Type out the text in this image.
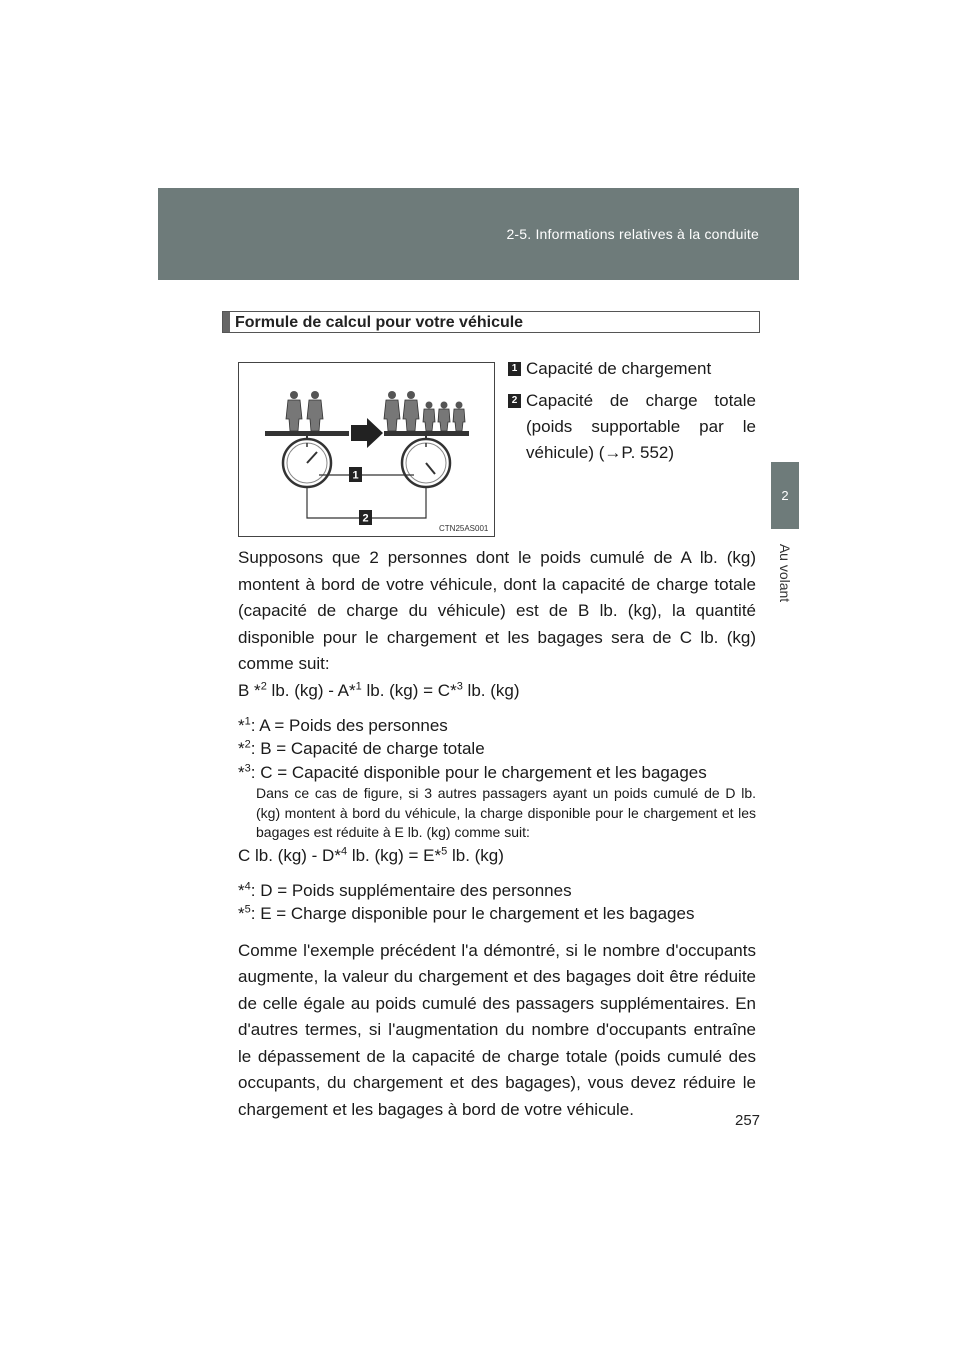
2-5. Informations relatives à la conduite
2
Au volant
Formule de calcul pour votre véhicule
1
2
CTN25AS001
1 Capacité de chargement
2 Capacité de charge totale (poids supportable par le véhicule) (→P. 552)

Supposons que 2 personnes dont le poids cumulé de A lb. (kg) montent à bord de votre véhicule, dont la capacité de charge totale (capacité de charge du véhicule) est de B lb. (kg), la quantité disponible pour le chargement et les bagages sera de C lb. (kg) comme suit:

B *$^2$ lb. (kg) - A*$^1$ lb. (kg) = C*$^3$ lb. (kg)

*$^1$: A = Poids des personnes

*$^2$: B = Capacité de charge totale

*$^3$: C = Capacité disponible pour le chargement et les bagages

Dans ce cas de figure, si 3 autres passagers ayant un poids cumulé de D lb. (kg) montent à bord du véhicule, la charge disponible pour le chargement et les bagages est réduite à E lb. (kg) comme suit:

C lb. (kg) - D*$^4$ lb. (kg) = E*$^5$ lb. (kg)

*$^4$: D = Poids supplémentaire des personnes

*$^5$: E = Charge disponible pour le chargement et les bagages

Comme l'exemple précédent l'a démontré, si le nombre d'occupants augmente, la valeur du chargement et des bagages doit être réduite de celle égale au poids cumulé des passagers supplémentaires. En d'autres termes, si l'augmentation du nombre d'occupants entraîne le dépassement de la capacité de charge totale (poids cumulé des occupants, du chargement et des bagages), vous devez réduire le chargement et les bagages à bord de votre véhicule.

257
